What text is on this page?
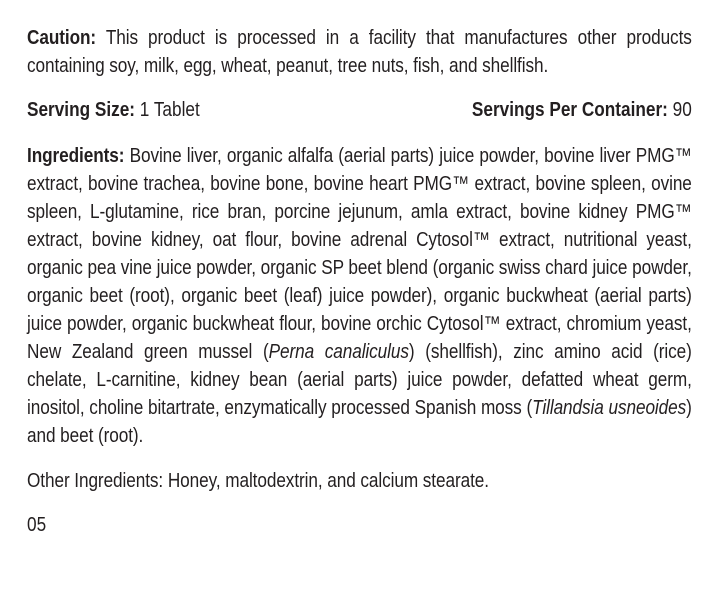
Caution: This product is processed in a facility that manufactures other products containing soy, milk, egg, wheat, peanut, tree nuts, fish, and shellfish.

Serving Size: 1 Tablet	Servings Per Container: 90

Ingredients: Bovine liver, organic alfalfa (aerial parts) juice powder, bovine liver PMG™ extract, bovine trachea, bovine bone, bovine heart PMG™ extract, bovine spleen, ovine spleen, L-glutamine, rice bran, porcine jejunum, amla extract, bovine kidney PMG™ extract, bovine kidney, oat flour, bovine adrenal Cytosol™ extract, nutritional yeast, organic pea vine juice powder, organic SP beet blend (organic swiss chard juice powder, organic beet (root), organic beet (leaf) juice powder), organic buckwheat (aerial parts) juice powder, organic buckwheat flour, bovine orchic Cytosol™ extract, chromium yeast, New Zealand green mussel (Perna canaliculus) (shellfish), zinc amino acid (rice) chelate, L-carnitine, kidney bean (aerial parts) juice powder, defatted wheat germ, inositol, choline bitartrate, enzymatically processed Spanish moss (Tillandsia usneoides) and beet (root).

Other Ingredients: Honey, maltodextrin, and calcium stearate.

05
